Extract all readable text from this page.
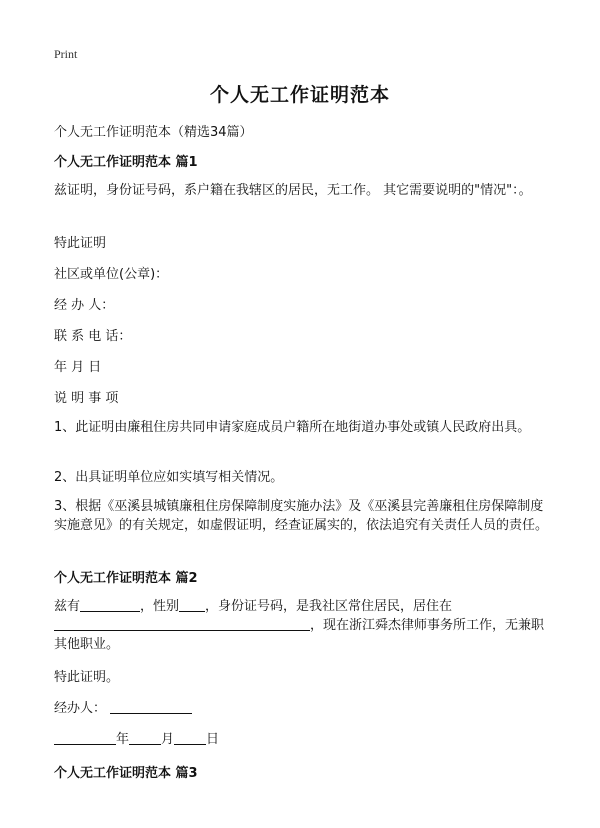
Print
个人无工作证明范本
个人无工作证明范本（精选34篇）
个人无工作证明范本 篇1
兹证明，身份证号码，系户籍在我辖区的居民，无工作。 其它需要说明的"情况"：。
特此证明
社区或单位(公章)：
经 办 人：
联 系 电 话：
年 月 日
说 明 事 项
1、此证明由廉租住房共同申请家庭成员户籍所在地街道办事处或镇人民政府出具。
2、出具证明单位应如实填写相关情况。
3、根据《巫溪县城镇廉租住房保障制度实施办法》及《巫溪县完善廉租住房保障制度实施意见》的有关规定，如虚假证明，经查证属实的，依法追究有关责任人员的责任。
个人无工作证明范本 篇2
兹有	，性别 ，身份证号码，是我社区常住居民，居住在
，现在浙江舜杰律师事务所工作，无兼职其他职业。
特此证明。
经办人：
年 月 日
个人无工作证明范本 篇3
